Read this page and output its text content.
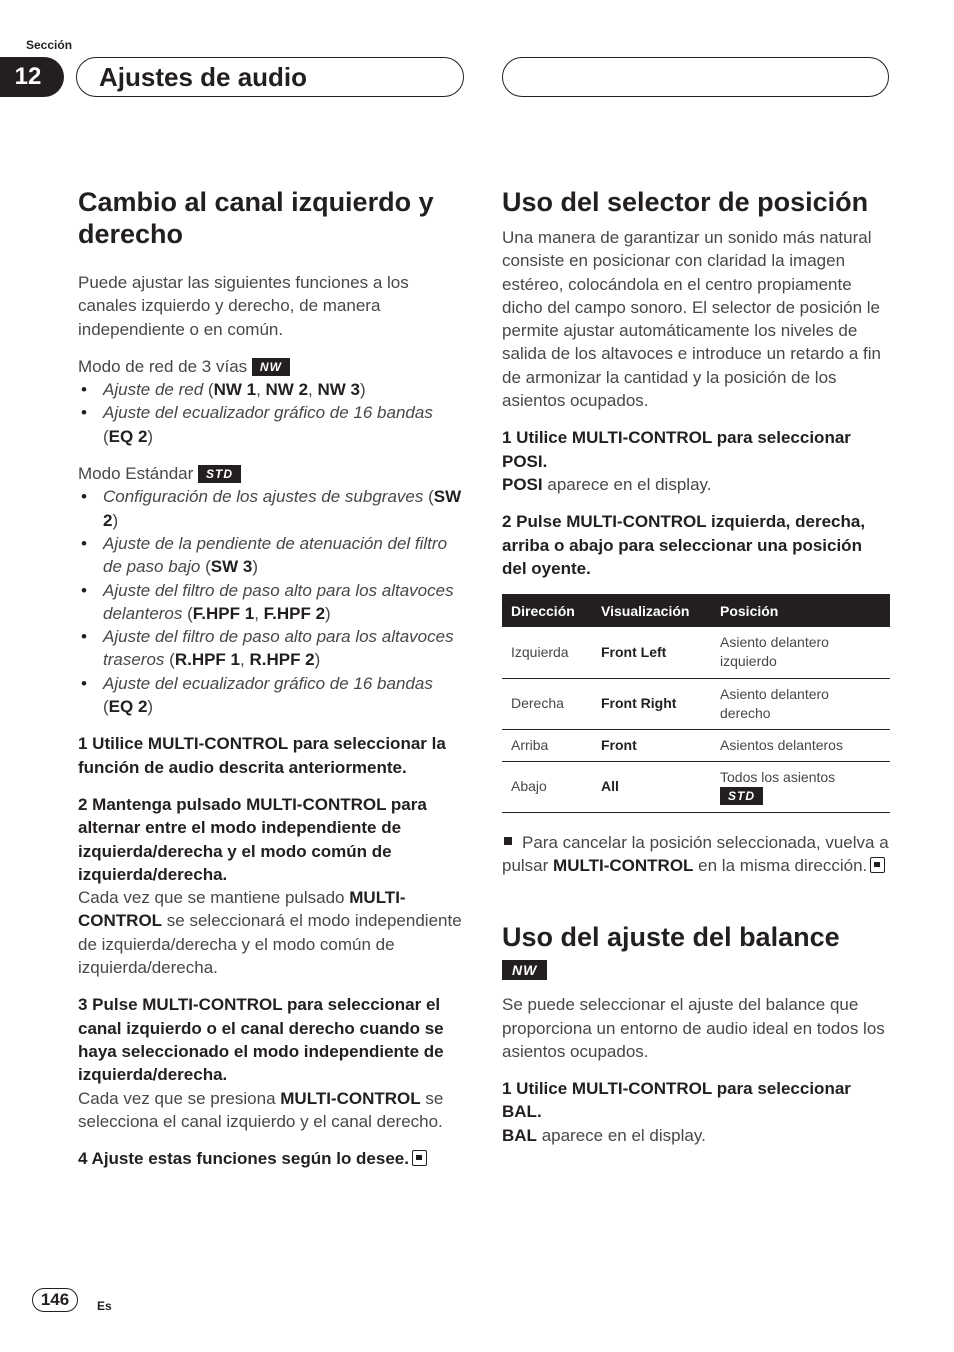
Sección
12	Ajustes de audio
Cambio al canal izquierdo y derecho

Puede ajustar las siguientes funciones a los canales izquierdo y derecho, de manera independiente o en común.

Modo de red de 3 vías NW

• Ajuste de red (NW 1, NW 2, NW 3)
• Ajuste del ecualizador gráfico de 16 bandas (EQ 2)

Modo Estándar STD

• Configuración de los ajustes de subgraves (SW 2)
• Ajuste de la pendiente de atenuación del filtro de paso bajo (SW 3)
• Ajuste del filtro de paso alto para los altavoces delanteros (F.HPF 1, F.HPF 2)
• Ajuste del filtro de paso alto para los altavoces traseros (R.HPF 1, R.HPF 2)
• Ajuste del ecualizador gráfico de 16 bandas (EQ 2)

1 Utilice MULTI-CONTROL para seleccionar la función de audio descrita anteriormente.

2 Mantenga pulsado MULTI-CONTROL para alternar entre el modo independiente de izquierda/derecha y el modo común de izquierda/derecha.

Cada vez que se mantiene pulsado MULTI-CONTROL se seleccionará el modo independiente de izquierda/derecha y el modo común de izquierda/derecha.

3 Pulse MULTI-CONTROL para seleccionar el canal izquierdo o el canal derecho cuando se haya seleccionado el modo independiente de izquierda/derecha.

Cada vez que se presiona MULTI-CONTROL se selecciona el canal izquierdo y el canal derecho.

4 Ajuste estas funciones según lo desee.

Uso del selector de posición

Una manera de garantizar un sonido más natural consiste en posicionar con claridad la imagen estéreo, colocándola en el centro propiamente dicho del campo sonoro. El selector de posición le permite ajustar automáticamente los niveles de salida de los altavoces e introduce un retardo a fin de armonizar la cantidad y la posición de los asientos ocupados.

1 Utilice MULTI-CONTROL para seleccionar POSI.

POSI aparece en el display.

2 Pulse MULTI-CONTROL izquierda, derecha, arriba o abajo para seleccionar una posición del oyente.

Dirección	Visualización	Posición
Izquierda	Front Left	Asiento delantero izquierdo
Derecha	Front Right	Asiento delantero derecho
Arriba	Front	Asientos delanteros
Abajo	All	Todos los asientos
STD

Para cancelar la posición seleccionada, vuelva a pulsar MULTI-CONTROL en la misma dirección.

Uso del ajuste del balance NW

Se puede seleccionar el ajuste del balance que proporciona un entorno de audio ideal en todos los asientos ocupados.

1 Utilice MULTI-CONTROL para seleccionar BAL.

BAL aparece en el display.

146	Es
